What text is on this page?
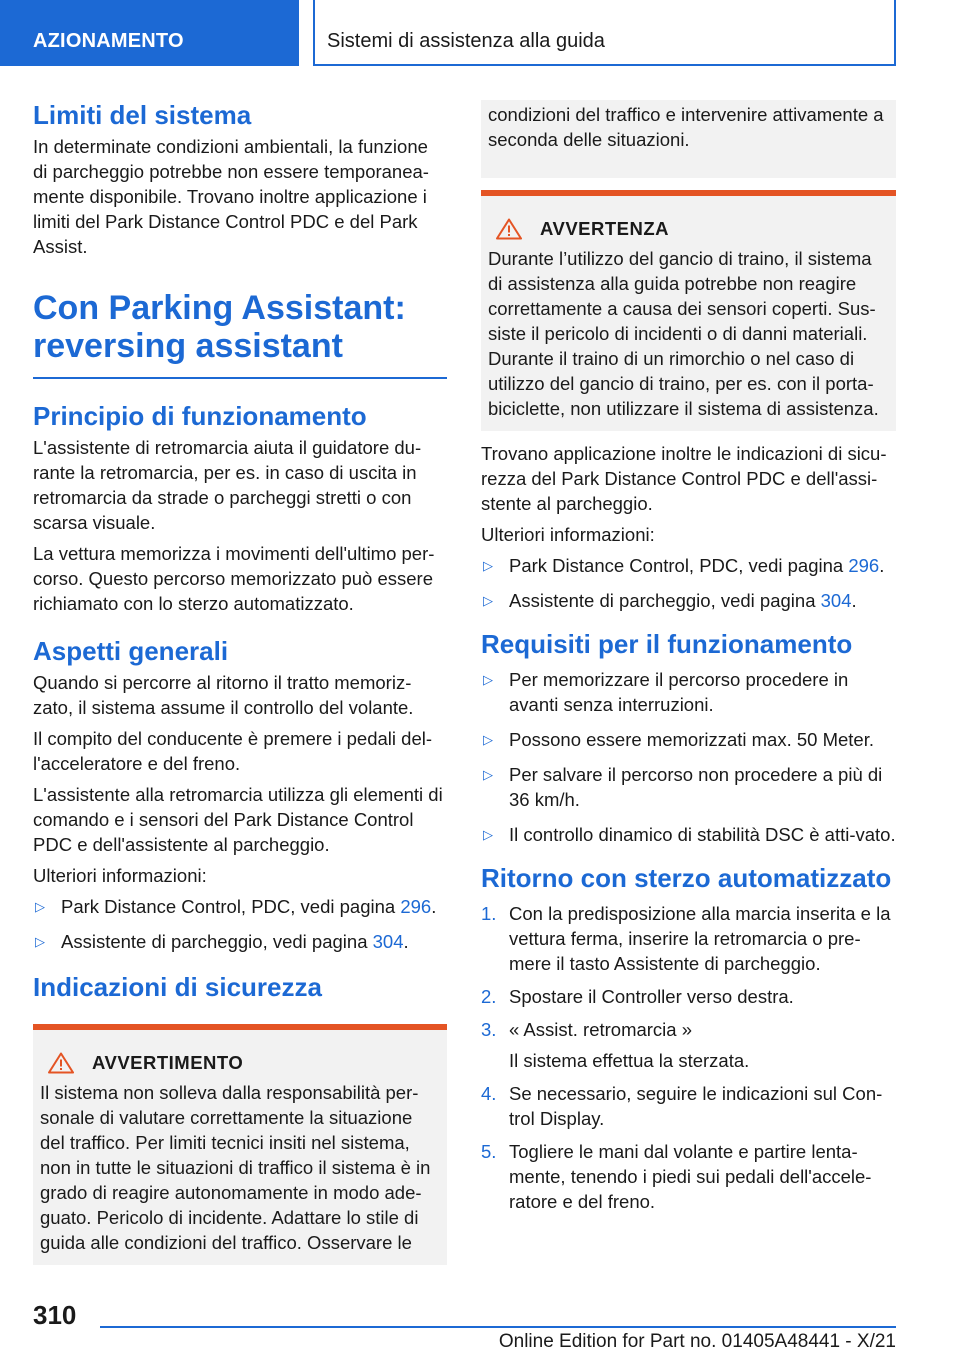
AZIONAMENTO	Sistemi di assistenza alla guida
Limiti del sistema

In determinate condizioni ambientali, la funzione di parcheggio potrebbe non essere temporanea-mente disponibile. Trovano inoltre applicazione i limiti del Park Distance Control PDC e del Park Assist.

Con Parking Assistant: reversing assistant
Principio di funzionamento

L'assistente di retromarcia aiuta il guidatore du-rante la retromarcia, per es. in caso di uscita in retromarcia da strade o parcheggi stretti o con scarsa visuale.

La vettura memorizza i movimenti dell'ultimo per-corso. Questo percorso memorizzato può essere richiamato con lo sterzo automatizzato.

Aspetti generali

Quando si percorre al ritorno il tratto memoriz-zato, il sistema assume il controllo del volante.

Il compito del conducente è premere i pedali del-l'acceleratore e del freno.

L'assistente alla retromarcia utilizza gli elementi di comando e i sensori del Park Distance Control PDC e dell'assistente al parcheggio.

Ulteriori informazioni:

▷ Park Distance Control, PDC, vedi pagina 296.
▷ Assistente di parcheggio, vedi pagina 304.
Indicazioni di sicurezza
AVVERTIMENTO

Il sistema non solleva dalla responsabilità per-sonale di valutare correttamente la situazione del traffico. Per limiti tecnici insiti nel sistema, non in tutte le situazioni di traffico il sistema è in grado di reagire autonomamente in modo ade-guato. Pericolo di incidente. Adattare lo stile di guida alle condizioni del traffico. Osservare le

condizioni del traffico e intervenire attivamente a seconda delle situazioni.

AVVERTENZA

Durante l’utilizzo del gancio di traino, il sistema di assistenza alla guida potrebbe non reagire correttamente a causa dei sensori coperti. Sus-siste il pericolo di incidenti o di danni materiali. Durante il traino di un rimorchio o nel caso di utilizzo del gancio di traino, per es. con il porta-biciclette, non utilizzare il sistema di assistenza.

Trovano applicazione inoltre le indicazioni di sicu-rezza del Park Distance Control PDC e dell'assi-stente al parcheggio.

Ulteriori informazioni:

▷ Park Distance Control, PDC, vedi pagina 296.
▷ Assistente di parcheggio, vedi pagina 304.
Requisiti per il funzionamento
▷ Per memorizzare il percorso procedere in avanti senza interruzioni.
▷ Possono essere memorizzati max. 50 Meter.
▷ Per salvare il percorso non procedere a più di 36 km/h.
▷ Il controllo dinamico di stabilità DSC è atti-vato.
Ritorno con sterzo automatizzato
1. Con la predisposizione alla marcia inserita e la vettura ferma, inserire la retromarcia o pre-mere il tasto Assistente di parcheggio.
2. Spostare il Controller verso destra.
3. « Assist. retromarcia »
Il sistema effettua la sterzata.
4. Se necessario, seguire le indicazioni sul Con-trol Display.
5. Togliere le mani dal volante e partire lenta-mente, tenendo i piedi sui pedali dell'accele-ratore e del freno.
310
Online Edition for Part no. 01405A48441 - X/21
